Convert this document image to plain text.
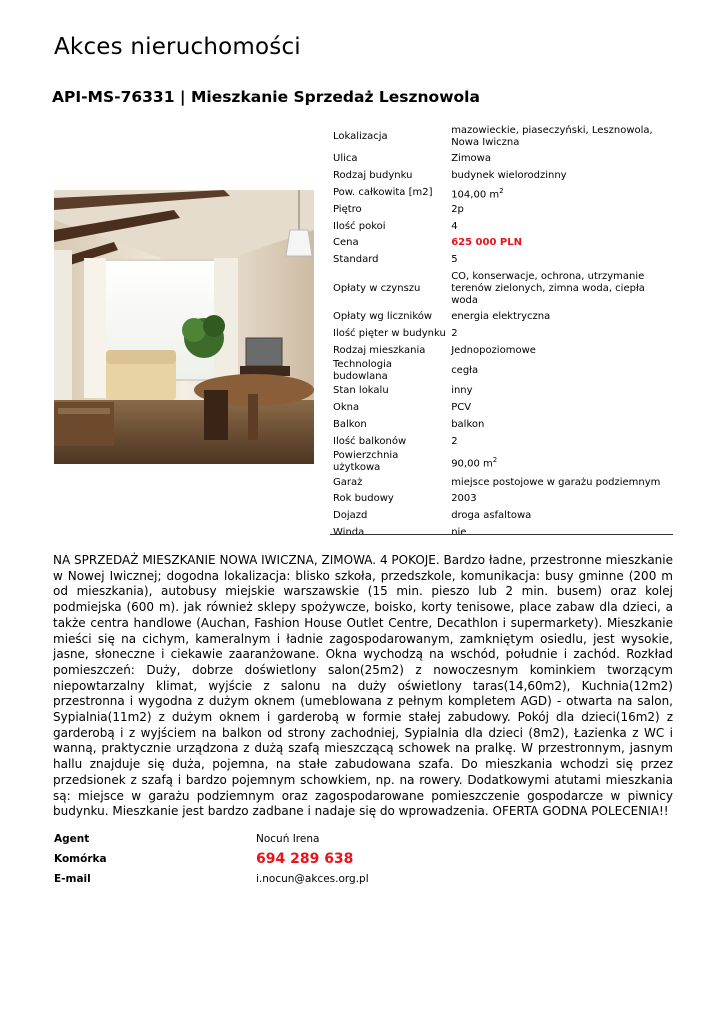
Akces nieruchomości
API-MS-76331 | Mieszkanie Sprzedaż Lesznowola
Lokalizacja	mazowieckie, piaseczyński, Lesznowola, Nowa Iwiczna
Ulica	Zimowa
Rodzaj budynku	budynek wielorodzinny
Pow. całkowita [m2]	104,00 $m^2$
Piętro	2p
Ilość pokoi	4
Cena	625 000 PLN
Standard	5
Opłaty w czynszu	CO, konserwacje, ochrona, utrzymanie terenów zielonych, zimna woda, ciepła woda
Opłaty wg liczników	energia elektryczna
Ilość pięter w budynku	2
Rodzaj mieszkania	Jednopoziomowe
Technologia budowlana	cegła
Stan lokalu	inny
Okna	PCV
Balkon	balkon
Ilość balkonów	2
Powierzchnia użytkowa	90,00 $m^2$
Garaż	miejsce postojowe w garażu podziemnym
Rok budowy	2003
Dojazd	droga asfaltowa
Winda	nie
NA SPRZEDAŻ MIESZKANIE NOWA IWICZNA, ZIMOWA. 4 POKOJE. Bardzo ładne, przestronne mieszkanie w Nowej Iwicznej; dogodna lokalizacja: blisko szkoła, przedszkole, komunikacja: busy gminne (200 m od mieszkania), autobusy miejskie warszawskie (15 min. pieszo lub 2 min. busem) oraz kolej podmiejska (600 m). jak również sklepy spożywcze, boisko, korty tenisowe, place zabaw dla dzieci, a także centra handlowe (Auchan, Fashion House Outlet Centre, Decathlon i supermarkety). Mieszkanie mieści się na cichym, kameralnym i ładnie zagospodarowanym, zamkniętym osiedlu, jest wysokie, jasne, słoneczne i ciekawie zaaranżowane. Okna wychodzą na wschód, południe i zachód. Rozkład pomieszczeń: Duży, dobrze doświetlony salon(25m2) z nowoczesnym kominkiem tworzącym niepowtarzalny klimat, wyjście z salonu na duży oświetlony taras(14,60m2), Kuchnia(12m2) przestronna i wygodna z dużym oknem (umeblowana z pełnym kompletem AGD) - otwarta na salon, Sypialnia(11m2) z dużym oknem i garderobą w formie stałej zabudowy. Pokój dla dzieci(16m2) z garderobą i z wyjściem na balkon od strony zachodniej, Sypialnia dla dzieci (8m2), Łazienka z WC i wanną, praktycznie urządzona z dużą szafą mieszczącą schowek na pralkę. W przestronnym, jasnym hallu znajduje się duża, pojemna, na stałe zabudowana szafa. Do mieszkania wchodzi się przez przedsionek z szafą i bardzo pojemnym schowkiem, np. na rowery. Dodatkowymi atutami mieszkania są: miejsce w garażu podziemnym oraz zagospodarowane pomieszczenie gospodarcze w piwnicy budynku. Mieszkanie jest bardzo zadbane i nadaje się do wprowadzenia. OFERTA GODNA POLECENIA!!
Agent	Nocuń Irena
Komórka	694 289 638
E-mail	i.nocun@akces.org.pl
